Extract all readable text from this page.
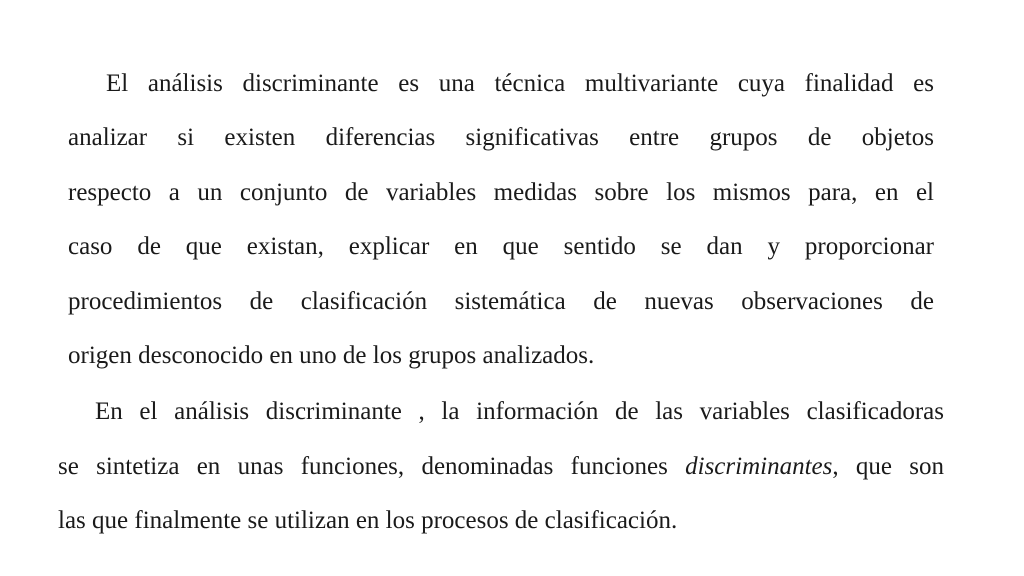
El análisis discriminante es una técnica multivariante cuya finalidad es

analizar si existen diferencias significativas entre grupos de objetos

respecto a un conjunto de variables medidas sobre los mismos para, en el

caso de que existan, explicar en que sentido se dan y proporcionar

procedimientos de clasificación sistemática de nuevas observaciones de

origen desconocido en uno de los grupos analizados.

En el análisis discriminante , la información de las variables clasificadoras

se sintetiza en unas funciones, denominadas funciones discriminantes, que son

las que finalmente se utilizan en los procesos de clasificación.
